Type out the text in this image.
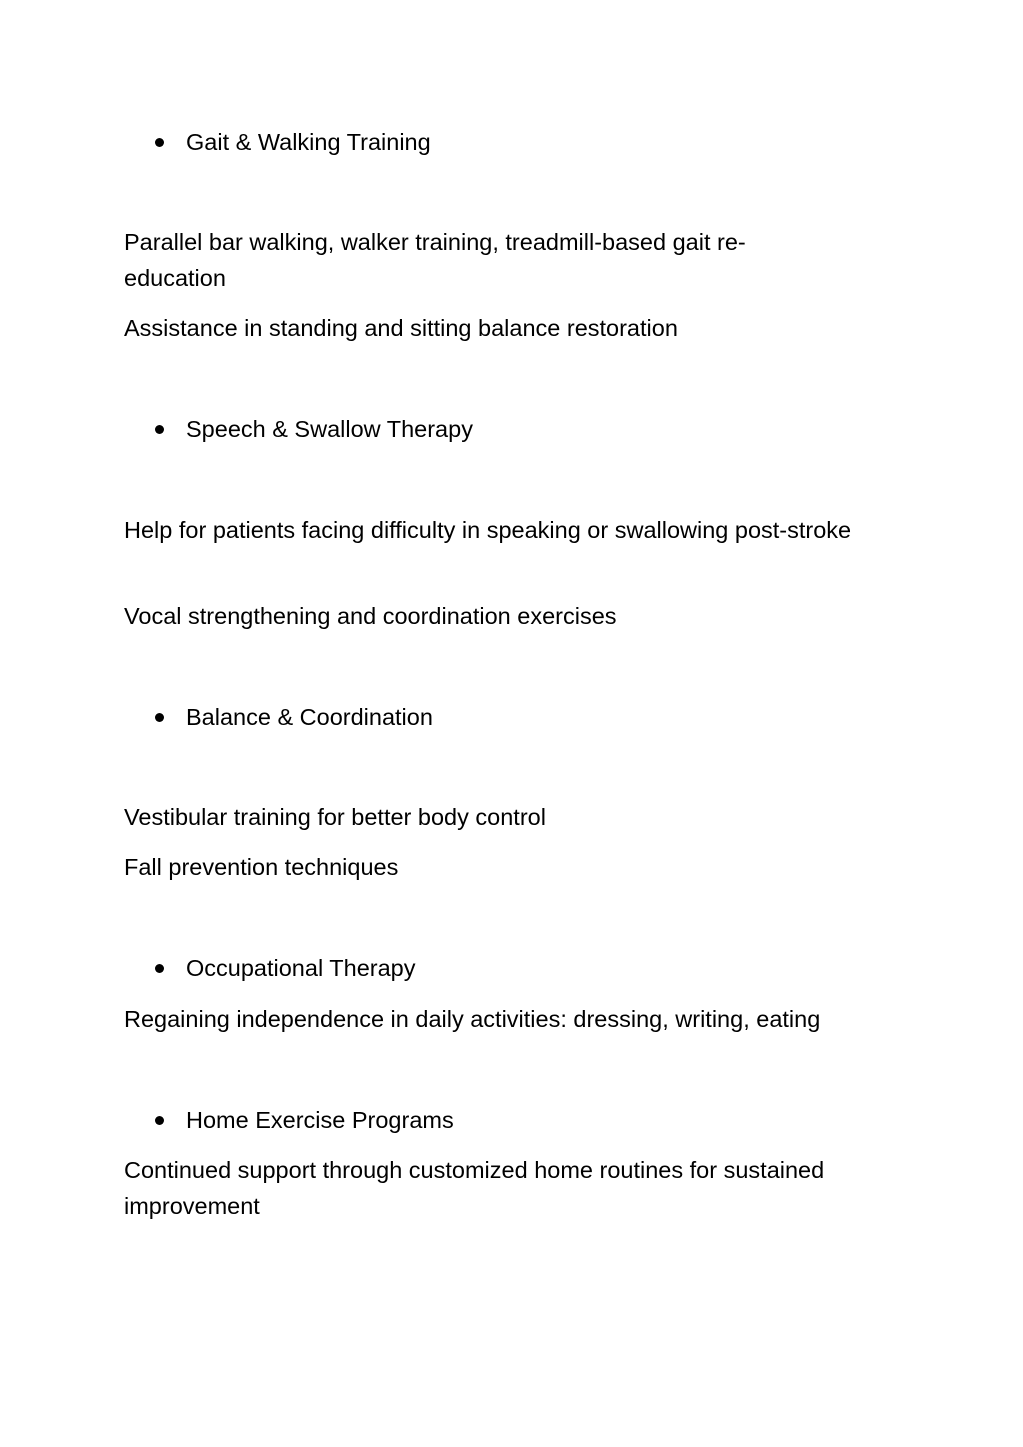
Gait & Walking Training

Parallel bar walking, walker training, treadmill-based gait re-education

Assistance in standing and sitting balance restoration

Speech & Swallow Therapy

Help for patients facing difficulty in speaking or swallowing post-stroke

Vocal strengthening and coordination exercises

Balance & Coordination

Vestibular training for better body control

Fall prevention techniques

Occupational Therapy

Regaining independence in daily activities: dressing, writing, eating

Home Exercise Programs

Continued support through customized home routines for sustained improvement
